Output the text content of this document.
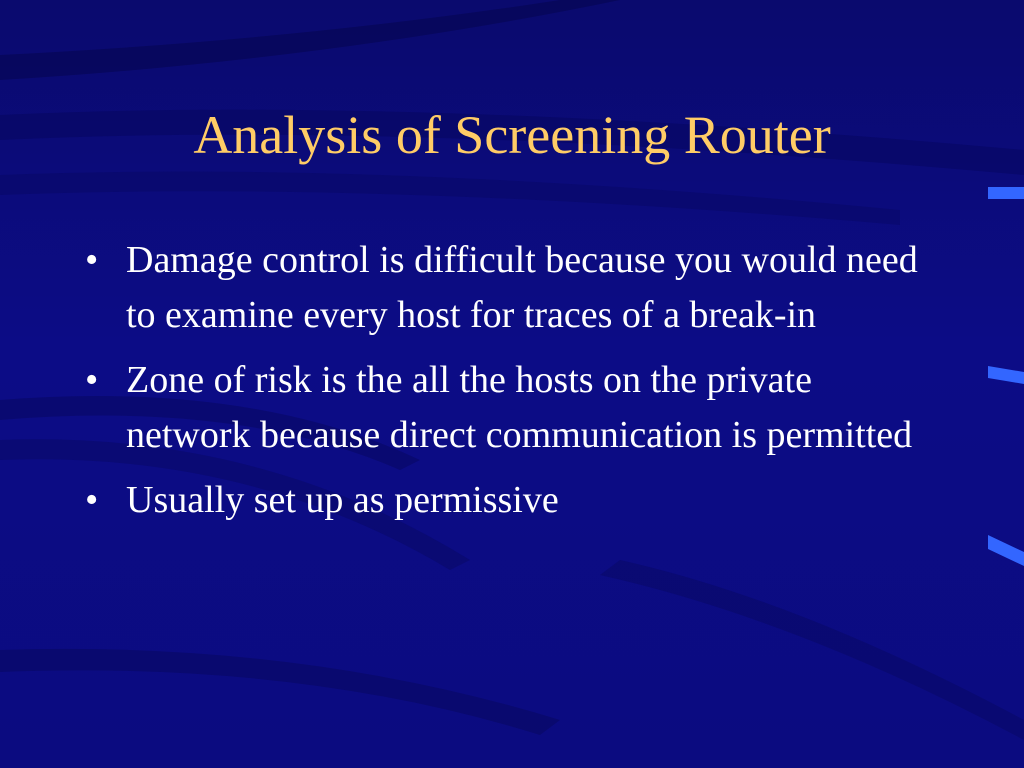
Analysis of Screening Router
• Damage control is difficult because you would need to examine every host for traces of a break-in
• Zone of risk is the all the hosts on the private network because direct communication is permitted
• Usually set up as permissive
